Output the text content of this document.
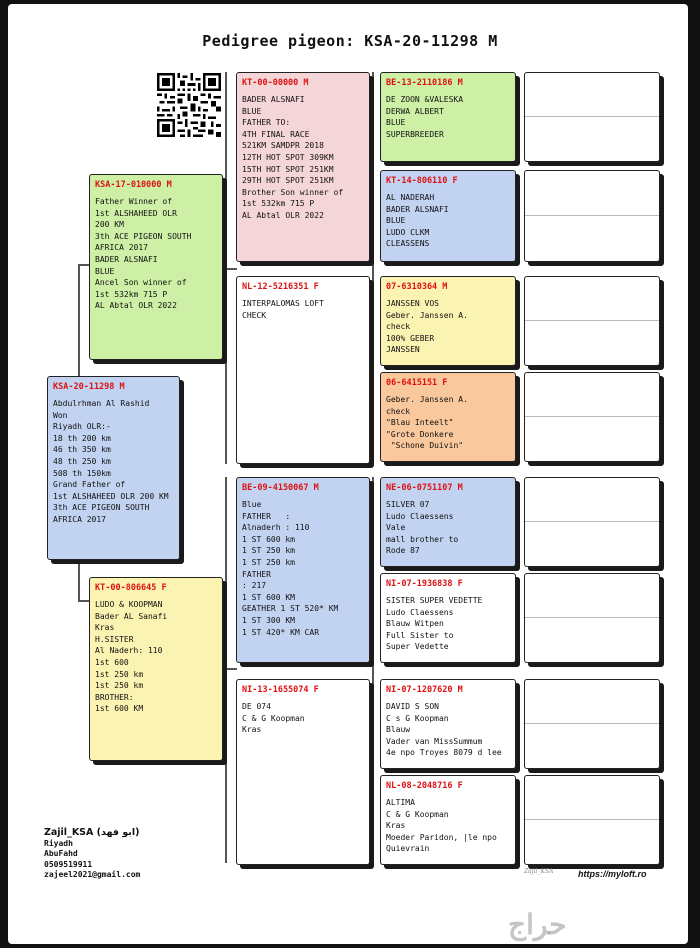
Pedigree pigeon: KSA-20-11298 M
KSA-20-11298 M
Abdulrhman Al Rashid
Won
Riyadh OLR:-
18 th 200 km
46 th 350 km
48 th 250 km
508 th 150km
Grand Father of
1st ALSHAHEED OLR 200 KM
3th ACE PIGEON SOUTH
AFRICA 2017
KSA-17-010000 M
Father Winner of
1st ALSHAHEED OLR
200 KM
3th ACE PIGEON SOUTH
AFRICA 2017
BADER ALSNAFI
BLUE
Ancel Son winner of
1st 532km 715 P
AL Abtal OLR 2022
KT-00-806645 F
LUDO & KOOPMAN
Bader AL Sanafi
Kras
H.SISTER
Al Naderh: 110
1st 600
1st 250 km
1st 250 km
BROTHER:
1st 600 KM
KT-00-00000 M
BADER ALSNAFI
BLUE
FATHER TO:
4TH FINAL RACE
521KM SAMDPR 2018
12TH HOT SPOT 309KM
15TH HOT SPOT 251KM
29TH HOT SPOT 251KM
Brother Son winner of
1st 532km 715 P
AL Abtal OLR 2022
NL-12-5216351 F
INTERPALOMAS LOFT
CHECK
BE-09-4150067 M
Blue
FATHER   :
Alnaderh : 110
1 ST 600 km
1 ST 250 km
1 ST 250 km
FATHER
: 217
1 ST 600 KM
GEATHER 1 ST 520* KM
1 ST 300 KM
1 ST 420* KM CAR
NI-13-1655074 F
DE 074
C & G Koopman
Kras
BE-13-2110186 M
DE ZOON &VALESKA
DERWA ALBERT
BLUE
SUPERBREEDER
KT-14-806110 F
AL NADERAH
BADER ALSNAFI
BLUE
LUDO CLKM
CLEASSENS
07-6310364 M
JANSSEN VOS
Geber. Janssen A.
check
100% GEBER
JANSSEN
06-6415151 F
Geber. Janssen A.
check
"Blau Inteelt"
"Grote Donkere
"Schone Duivin"
NE-06-0751107 M
SILVER 07
Ludo Claessens
Vale
mall brother to
Rode 87
NI-07-1936838 F
SISTER SUPER VEDETTE
Ludo Claessens
Blauw Witpen
Full Sister to
Super Vedette
NI-07-1207620 M
DAVID S SON
C s G Koopman
Blauw
Vader van MissSummum
4e npo Troyes 8079 d lee
NL-08-2048716 F
ALTIMA
C & G Koopman
Kras
Moeder Paridon, |le npo
Quievrain
Zajil_KSA (ابو فهد)
Riyadh
AbuFahd
0509519911
zajeel2021@gmail.com	Zajil_KSA	https://myloft.ro
حراج
